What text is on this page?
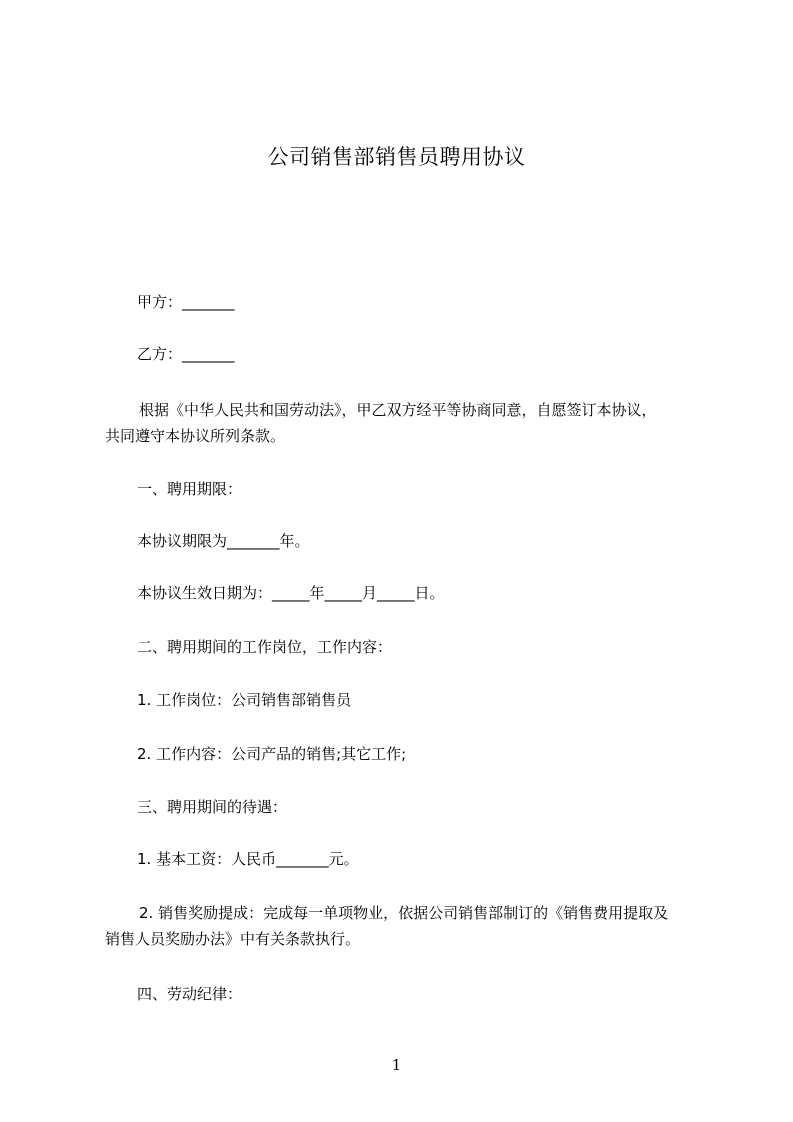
公司销售部销售员聘用协议
甲方：_______
乙方：_______
根据《中华人民共和国劳动法》，甲乙双方经平等协商同意，自愿签订本协议，
共同遵守本协议所列条款。
一、聘用期限：
本协议期限为_______年。
本协议生效日期为：_____年_____月_____日。
二、聘用期间的工作岗位，工作内容：
1. 工作岗位：公司销售部销售员
2. 工作内容：公司产品的销售;其它工作;
三、聘用期间的待遇：
1. 基本工资：人民币_______元。
2. 销售奖励提成：完成每一单项物业，依据公司销售部制订的《销售费用提取及
销售人员奖励办法》中有关条款执行。
四、劳动纪律：
1
